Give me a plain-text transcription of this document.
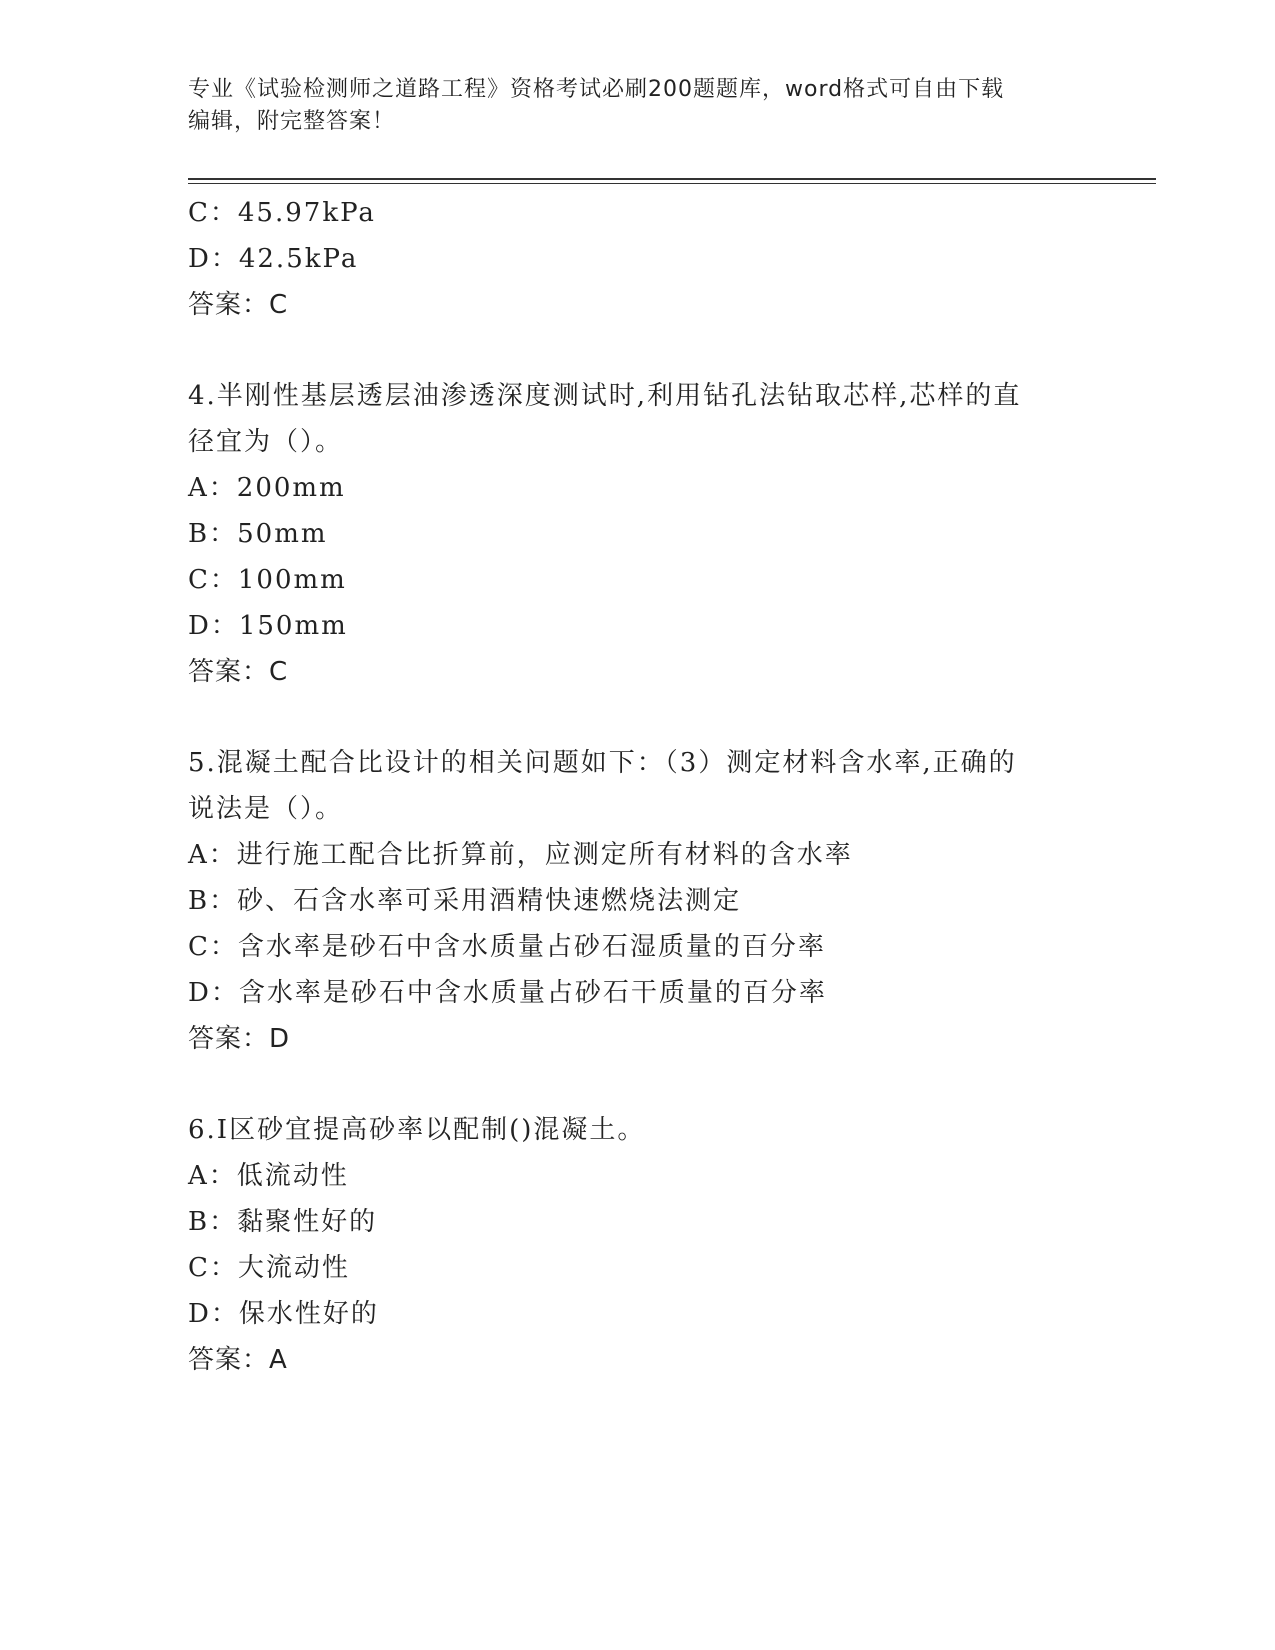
专业《试验检测师之道路工程》资格考试必刷200题题库，word格式可自由下载
编辑，附完整答案！
C：45.97kPa
D：42.5kPa
答案：C
4.半刚性基层透层油渗透深度测试时,利用钻孔法钻取芯样,芯样的直
径宜为（）。
A：200mm
B：50mm
C：100mm
D：150mm
答案：C
5.混凝土配合比设计的相关问题如下：（3）测定材料含水率,正确的
说法是（）。
A：进行施工配合比折算前，应测定所有材料的含水率
B：砂、石含水率可采用酒精快速燃烧法测定
C：含水率是砂石中含水质量占砂石湿质量的百分率
D：含水率是砂石中含水质量占砂石干质量的百分率
答案：D
6.I区砂宜提高砂率以配制()混凝土。
A：低流动性
B：黏聚性好的
C：大流动性
D：保水性好的
答案：A
